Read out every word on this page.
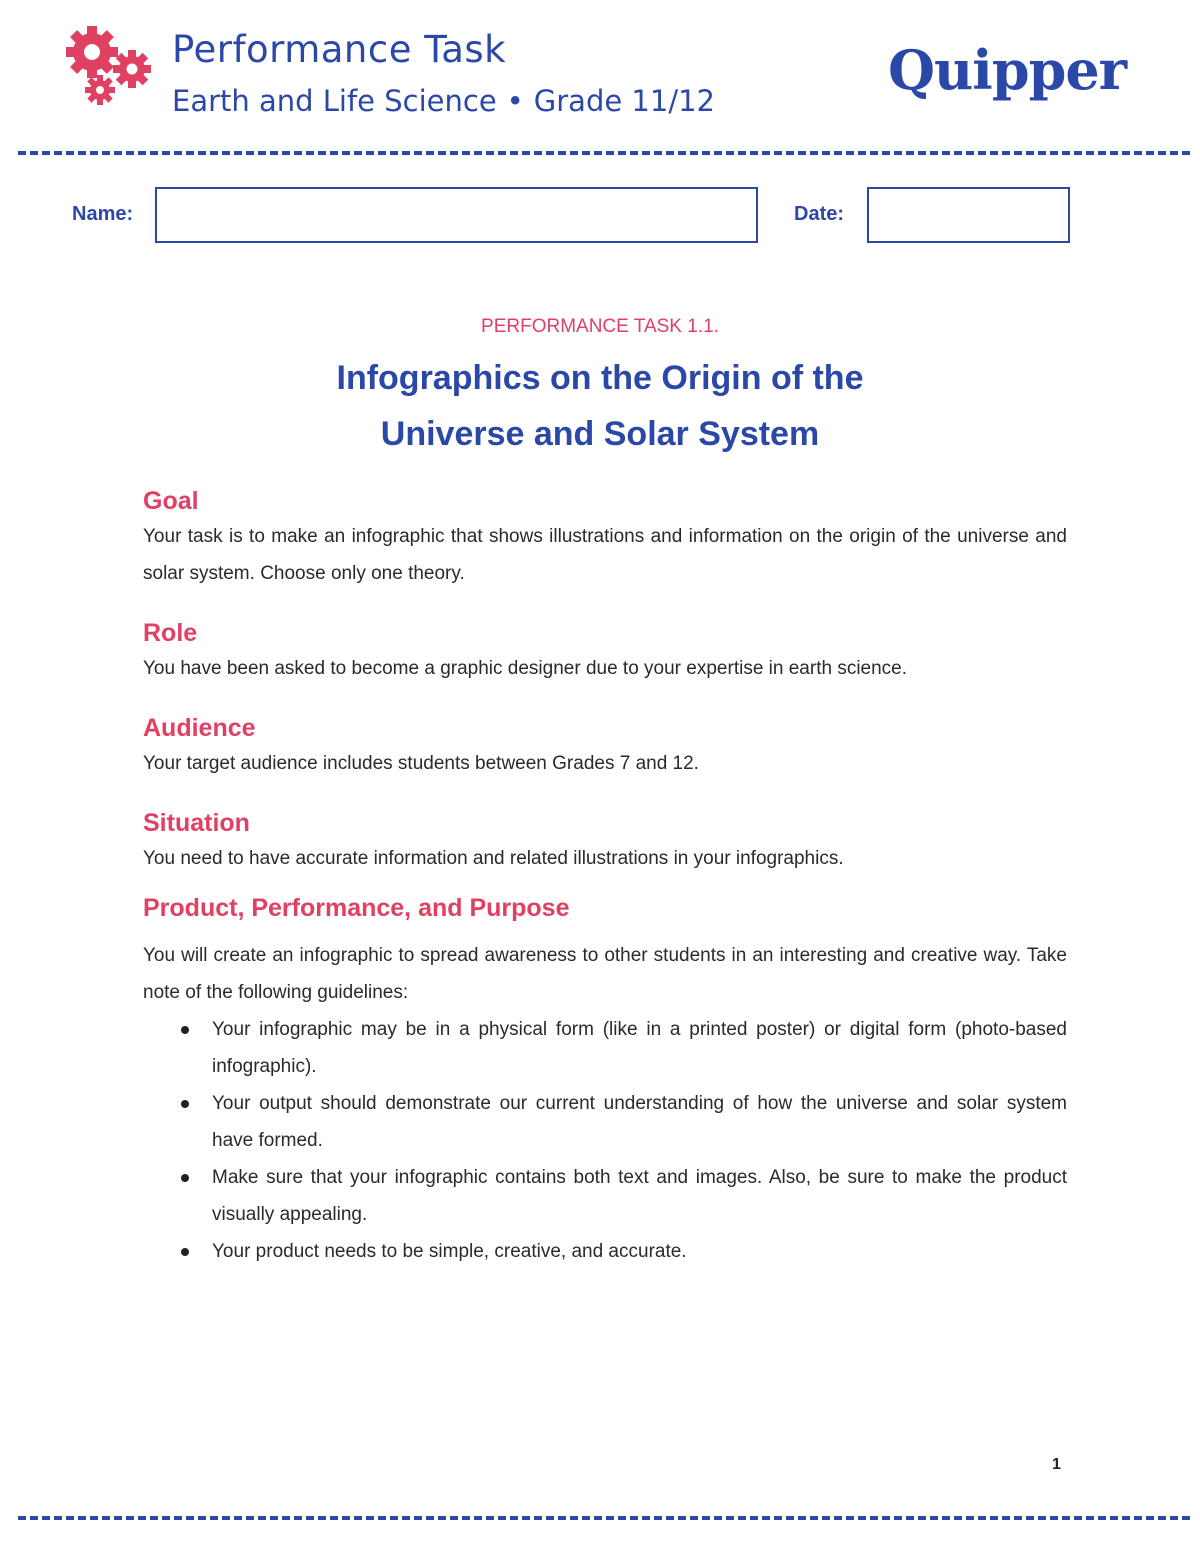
Performance Task
Earth and Life Science • Grade 11/12	Quipper
Name:	Date:
PERFORMANCE TASK 1.1.
Infographics on the Origin of the
Universe and Solar System
Goal

Your task is to make an infographic that shows illustrations and information on the origin of the universe and solar system. Choose only one theory.

Role

You have been asked to become a graphic designer due to your expertise in earth science.

Audience

Your target audience includes students between Grades 7 and 12.

Situation

You need to have accurate information and related illustrations in your infographics.

Product, Performance, and Purpose

You will create an infographic to spread awareness to other students in an interesting and creative way. Take note of the following guidelines:

Your infographic may be in a physical form (like in a printed poster) or digital form (photo-based infographic).
Your output should demonstrate our current understanding of how the universe and solar system have formed.
Make sure that your infographic contains both text and images. Also, be sure to make the product visually appealing.
Your product needs to be simple, creative, and accurate.
1
